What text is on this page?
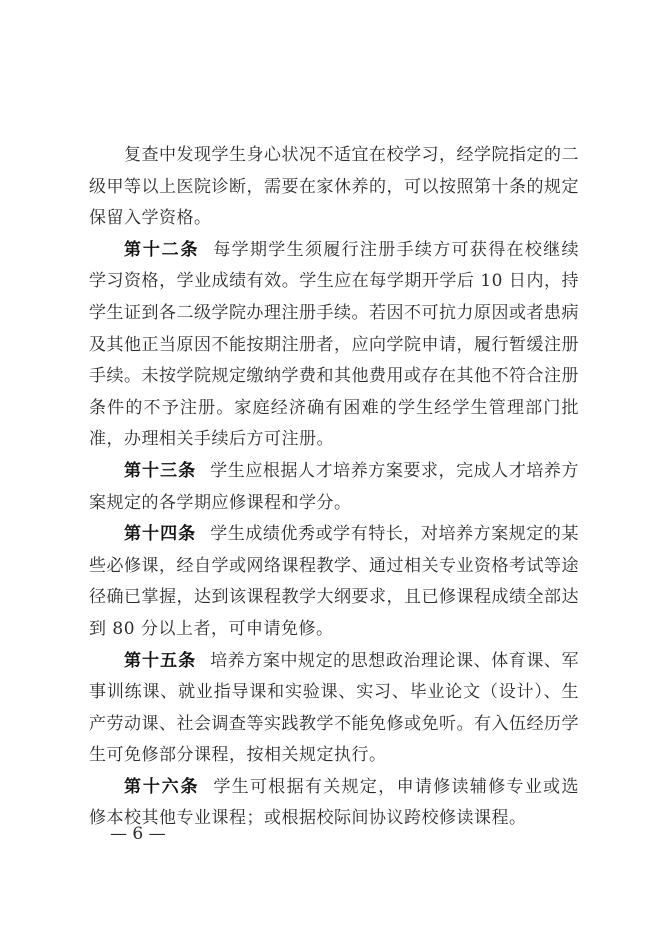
复查中发现学生身心状况不适宜在校学习，经学院指定的二
级甲等以上医院诊断，需要在家休养的，可以按照第十条的规定
保留入学资格。
第十二条 每学期学生须履行注册手续方可获得在校继续
学习资格，学业成绩有效。学生应在每学期开学后 10 日内，持
学生证到各二级学院办理注册手续。若因不可抗力原因或者患病
及其他正当原因不能按期注册者，应向学院申请，履行暂缓注册
手续。未按学院规定缴纳学费和其他费用或存在其他不符合注册
条件的不予注册。家庭经济确有困难的学生经学生管理部门批
准，办理相关手续后方可注册。
第十三条 学生应根据人才培养方案要求，完成人才培养方
案规定的各学期应修课程和学分。
第十四条 学生成绩优秀或学有特长，对培养方案规定的某
些必修课，经自学或网络课程教学、通过相关专业资格考试等途
径确已掌握，达到该课程教学大纲要求，且已修课程成绩全部达
到 80 分以上者，可申请免修。
第十五条 培养方案中规定的思想政治理论课、体育课、军
事训练课、就业指导课和实验课、实习、毕业论文（设计）、生
产劳动课、社会调查等实践教学不能免修或免听。有入伍经历学
生可免修部分课程，按相关规定执行。
第十六条 学生可根据有关规定，申请修读辅修专业或选
修本校其他专业课程；或根据校际间协议跨校修读课程。
— 6 —
